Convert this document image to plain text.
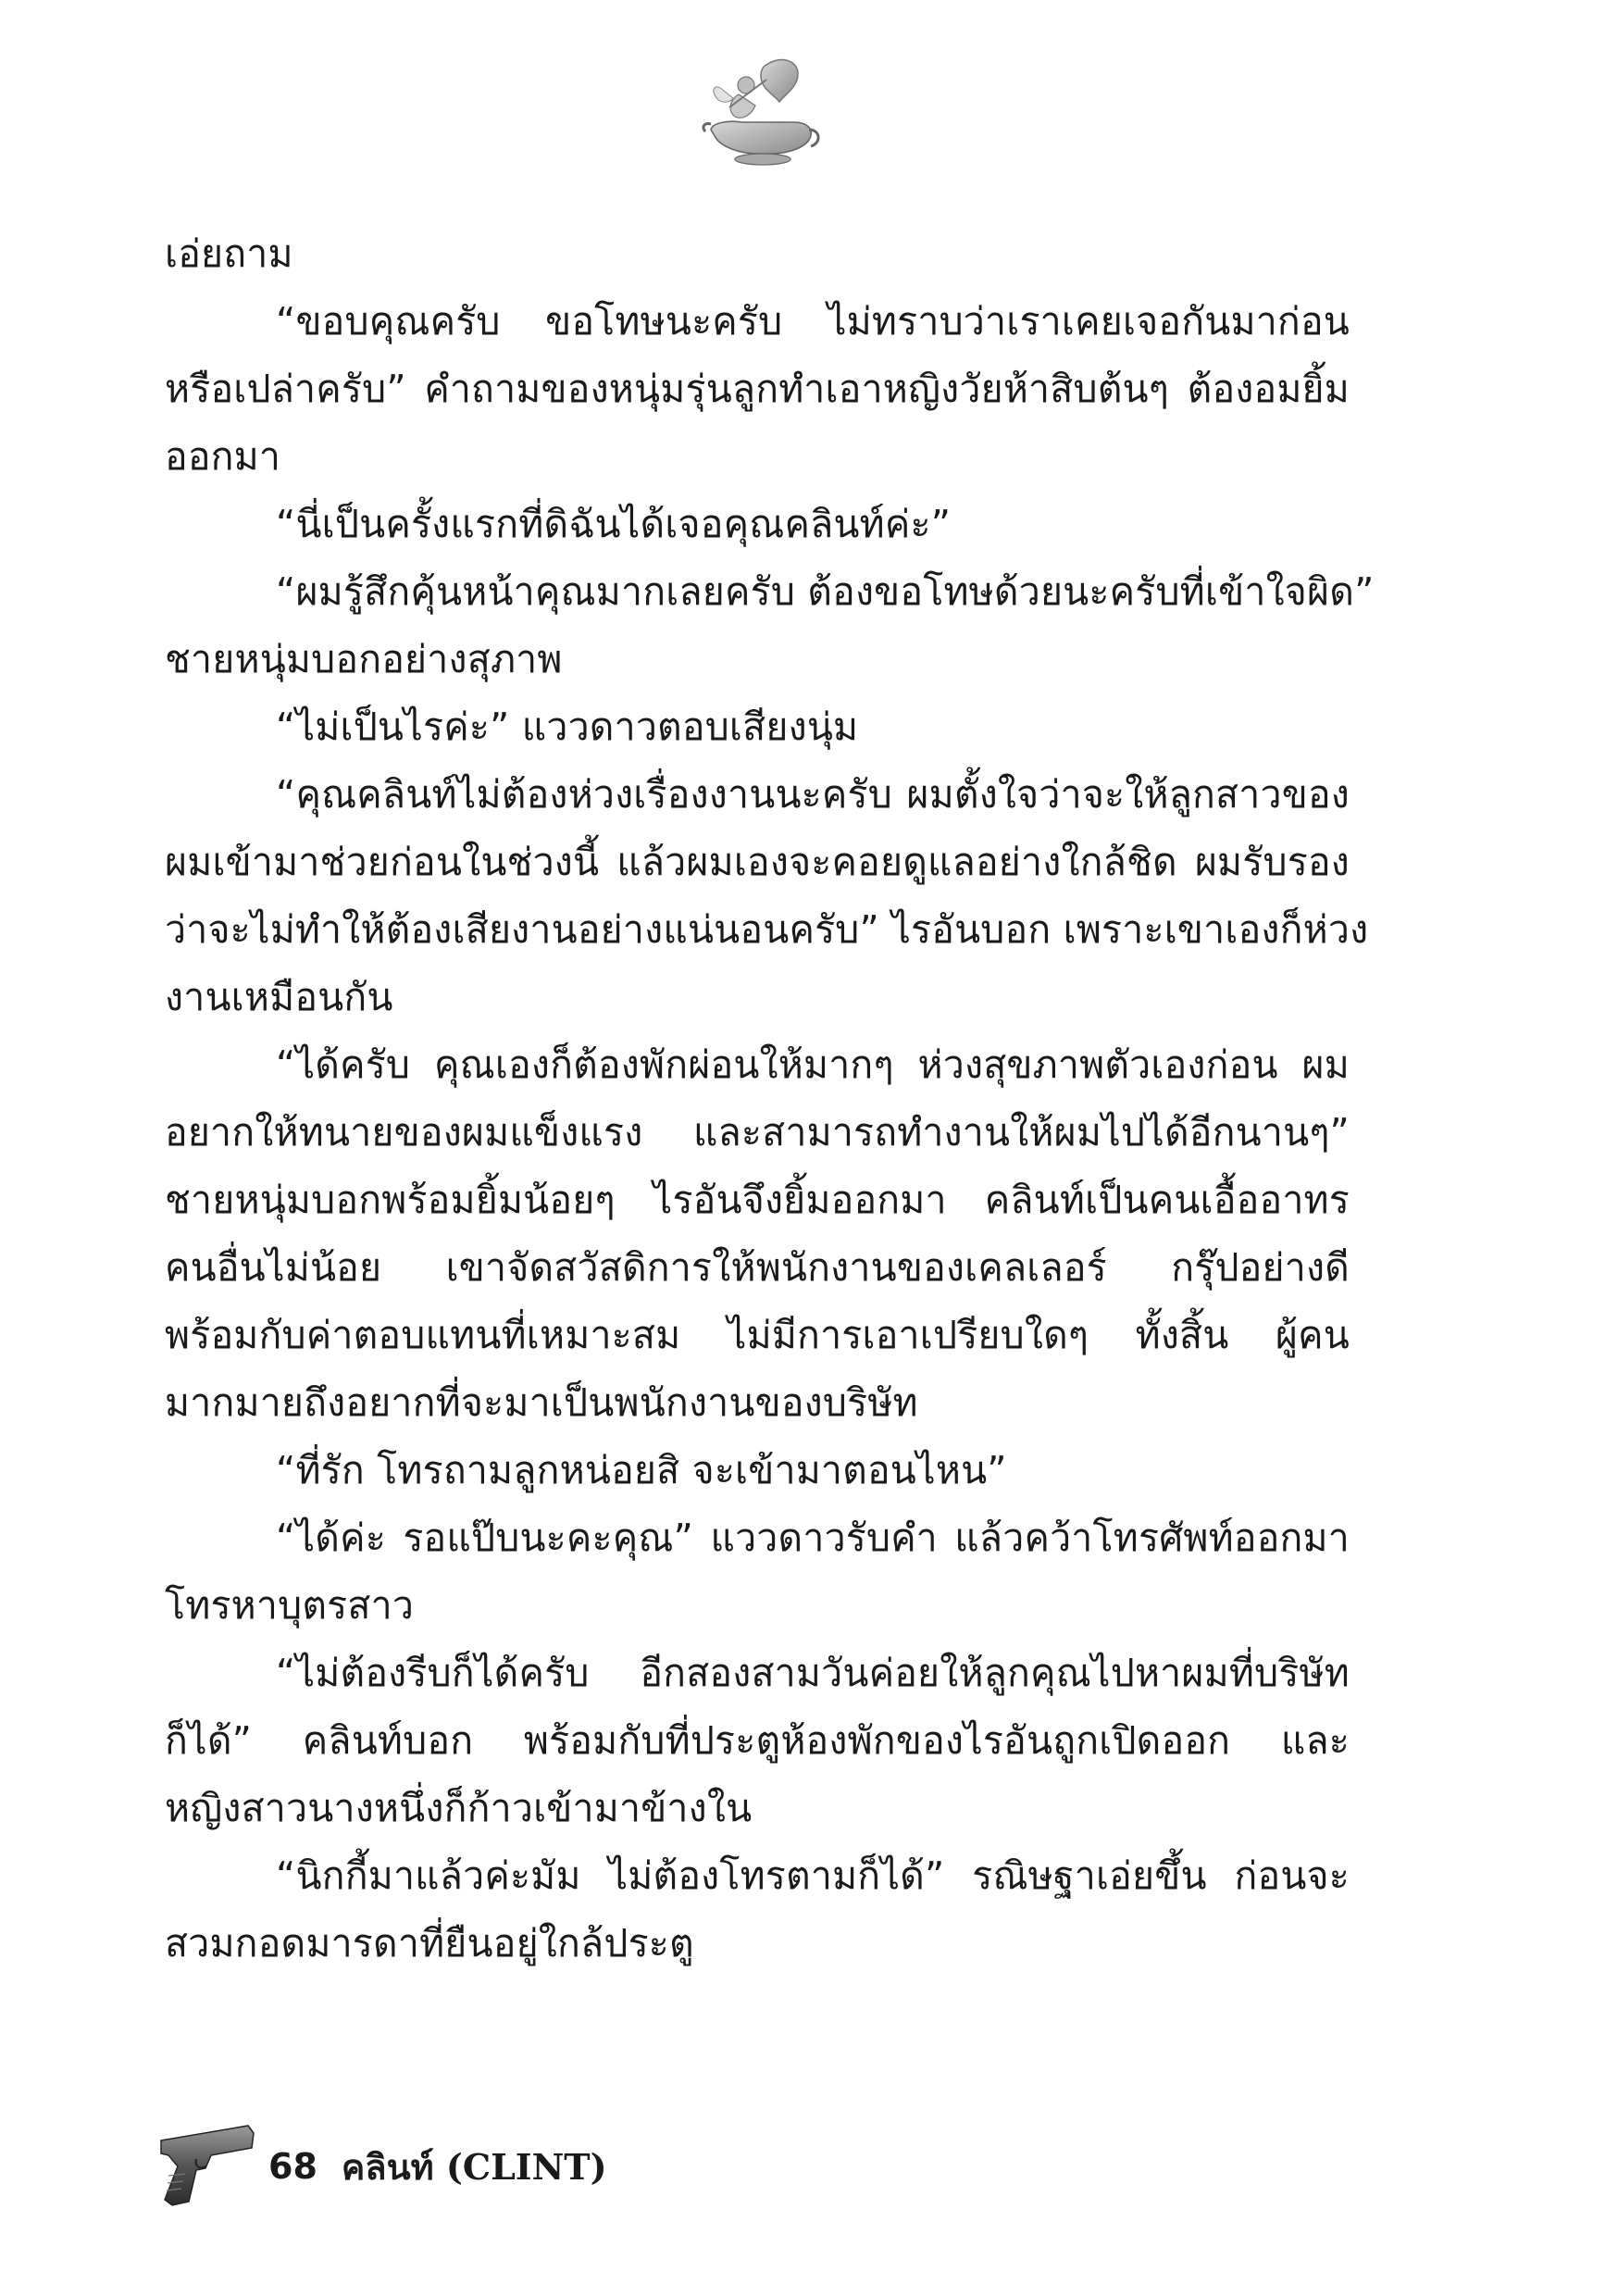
เอ่ยถาม
“ขอบคุณครับ ขอโทษนะครับ ไม่ทราบว่าเราเคยเจอกันมาก่อน
หรือเปล่าครับ” คำถามของหนุ่มรุ่นลูกทำเอาหญิงวัยห้าสิบต้นๆ ต้องอมยิ้ม
ออกมา
“นี่เป็นครั้งแรกที่ดิฉันได้เจอคุณคลินท์ค่ะ”
“ผมรู้สึกคุ้นหน้าคุณมากเลยครับ ต้องขอโทษด้วยนะครับที่เข้าใจผิด”
ชายหนุ่มบอกอย่างสุภาพ
“ไม่เป็นไรค่ะ” แววดาวตอบเสียงนุ่ม
“คุณคลินท์ไม่ต้องห่วงเรื่องงานนะครับ ผมตั้งใจว่าจะให้ลูกสาวของ
ผมเข้ามาช่วยก่อนในช่วงนี้ แล้วผมเองจะคอยดูแลอย่างใกล้ชิด ผมรับรอง
ว่าจะไม่ทำให้ต้องเสียงานอย่างแน่นอนครับ” ไรอันบอก เพราะเขาเองก็ห่วง
งานเหมือนกัน
“ได้ครับ คุณเองก็ต้องพักผ่อนให้มากๆ ห่วงสุขภาพตัวเองก่อน ผม
อยากให้ทนายของผมแข็งแรง และสามารถทำงานให้ผมไปได้อีกนานๆ”
ชายหนุ่มบอกพร้อมยิ้มน้อยๆ ไรอันจึงยิ้มออกมา คลินท์เป็นคนเอื้ออาทร
คนอื่นไม่น้อย เขาจัดสวัสดิการให้พนักงานของเคลเลอร์ กรุ๊ปอย่างดี
พร้อมกับค่าตอบแทนที่เหมาะสม ไม่มีการเอาเปรียบใดๆ ทั้งสิ้น ผู้คน
มากมายถึงอยากที่จะมาเป็นพนักงานของบริษัท
“ที่รัก โทรถามลูกหน่อยสิ จะเข้ามาตอนไหน”
“ได้ค่ะ รอแป๊บนะคะคุณ” แววดาวรับคำ แล้วคว้าโทรศัพท์ออกมา
โทรหาบุตรสาว
“ไม่ต้องรีบก็ได้ครับ อีกสองสามวันค่อยให้ลูกคุณไปหาผมที่บริษัท
ก็ได้” คลินท์บอก พร้อมกับที่ประตูห้องพักของไรอันถูกเปิดออก และ
หญิงสาวนางหนึ่งก็ก้าวเข้ามาข้างใน
“นิกกี้มาแล้วค่ะมัม ไม่ต้องโทรตามก็ได้” รณิษฐาเอ่ยขึ้น ก่อนจะ
สวมกอดมารดาที่ยืนอยู่ใกล้ประตู
68 คลินท์ (CLINT)
